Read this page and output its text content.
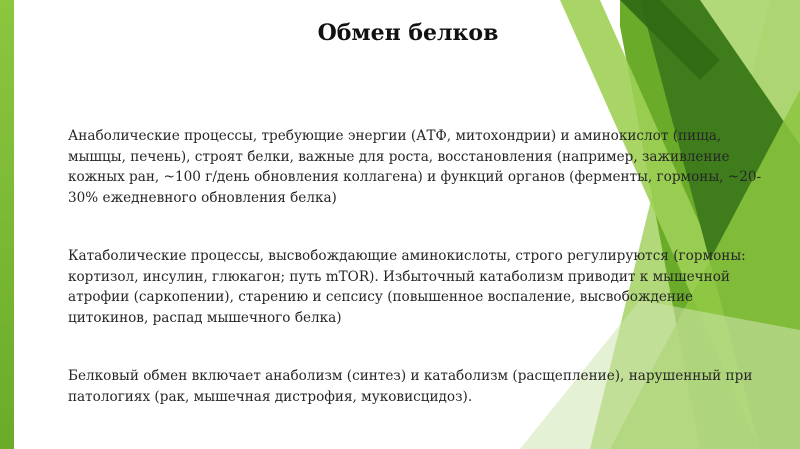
Обмен белков

Анаболические процессы, требующие энергии (АТФ, митохондрии) и аминокислот (пища, мышцы, печень), строят белки, важные для роста, восстановления (например, заживление кожных ран, ~100 г/день обновления коллагена) и функций органов (ферменты, гормоны, ~20-30% ежедневного обновления белка)

Катаболические процессы, высвобождающие аминокислоты, строго регулируются (гормоны: кортизол, инсулин, глюкагон; путь mTOR). Избыточный катаболизм приводит к мышечной атрофии (саркопении), старению и сепсису (повышенное воспаление, высвобождение цитокинов, распад мышечного белка)

Белковый обмен включает анаболизм (синтез) и катаболизм (расщепление), нарушенный при патологиях (рак, мышечная дистрофия, муковисцидоз).
